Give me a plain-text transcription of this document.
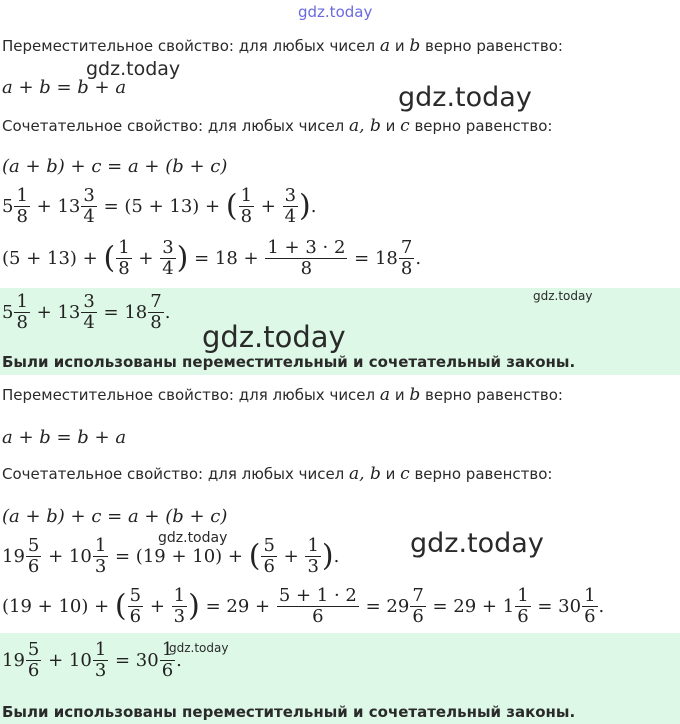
gdz.today
gdz.today
gdz.today
gdz.today
gdz.today
gdz.today	gdz.today
gdz.today
Переместительное свойство: для любых чисел a и b верно равенство:
a + b = b + a
Сочетательное свойство: для любых чисел a, b и c верно равенство:
(a + b) + c = a + (b + c)
$5 \frac{1}{8} + 13 \frac{3}{4} = (5 + 13)$ + ( $\frac{1}{8} + \frac{3}{4}$ ).
(5 + 13) + ( $\frac{1}{8} + \frac{3}{4}$ ) = $18 + \frac{1 + 3 \cdot 2}{8} = 18 \frac{7}{8}$ .
$5 \frac{1}{8} + 13 \frac{3}{4} = 18 \frac{7}{8}$ .
Были использованы переместительный и сочетательный законы.
Переместительное свойство: для любых чисел a и b верно равенство:
a + b = b + a
Сочетательное свойство: для любых чисел a, b и c верно равенство:
(a + b) + c = a + (b + c)
$19 \frac{5}{6} + 10 \frac{1}{3} = (19 + 10)$ + ( $\frac{5}{6} + \frac{1}{3}$ ).
(19 + 10) + ( $\frac{5}{6} + \frac{1}{3}$ ) = $29 + \frac{5 + 1 \cdot 2}{6} = 29 \frac{7}{6} = 29 + 1 \frac{1}{6} = 30 \frac{1}{6}$ .
$19 \frac{5}{6} + 10 \frac{1}{3} = 30 \frac{1}{6}$ .
Были использованы переместительный и сочетательный законы.
